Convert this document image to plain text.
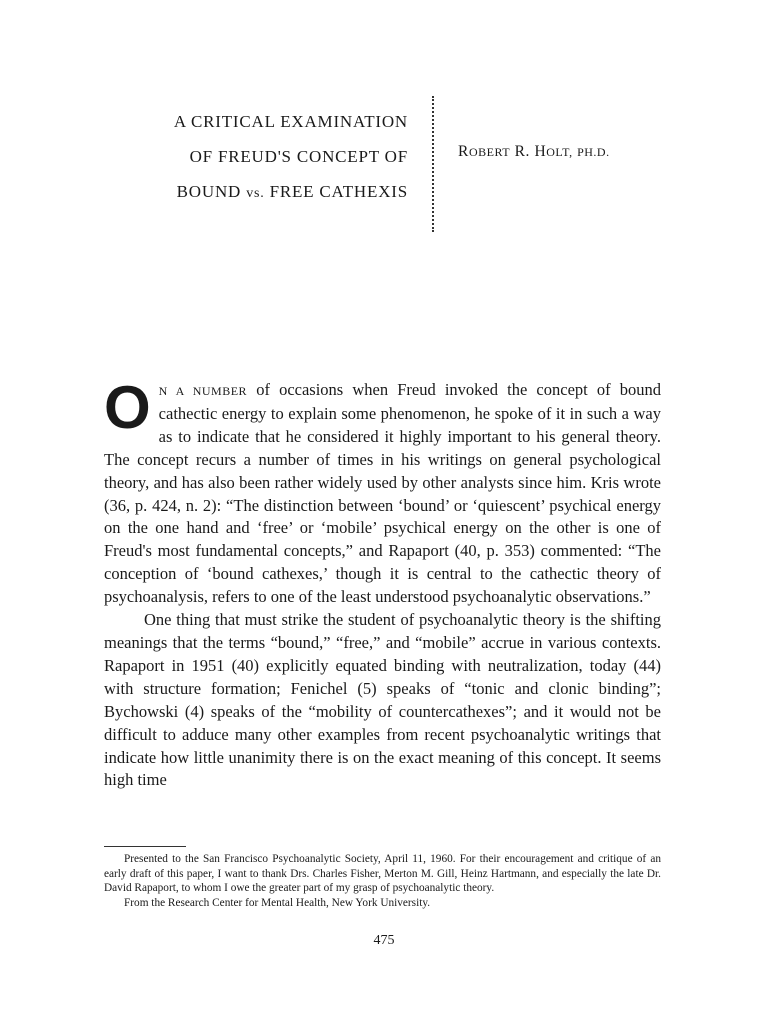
A CRITICAL EXAMINATION
OF FREUD'S CONCEPT OF
BOUND vs. FREE CATHEXIS
ROBERT R. HOLT, PH.D.

O N A NUMBER of occasions when Freud invoked the concept of bound cathectic energy to explain some phenomenon, he spoke of it in such a way as to indicate that he considered it highly important to his general theory. The concept recurs a number of times in his writings on general psychological theory, and has also been rather widely used by other analysts since him. Kris wrote (36, p. 424, n. 2): “The distinction between ‘bound’ or ‘quiescent’ psychical energy on the one hand and ‘free’ or ‘mobile’ psychical energy on the other is one of Freud's most fundamental concepts,” and Rapaport (40, p. 353) commented: “The conception of ‘bound cathexes,’ though it is central to the cathectic theory of psychoanalysis, refers to one of the least understood psychoanalytic observations.”

One thing that must strike the student of psychoanalytic theory is the shifting meanings that the terms “bound,” “free,” and “mobile” accrue in various contexts. Rapaport in 1951 (40) explicitly equated binding with neutralization, today (44) with structure formation; Fenichel (5) speaks of “tonic and clonic binding”; Bychowski (4) speaks of the “mobility of countercathexes”; and it would not be difficult to adduce many other examples from recent psychoanalytic writings that indicate how little unanimity there is on the exact meaning of this concept. It seems high time

Presented to the San Francisco Psychoanalytic Society, April 11, 1960. For their encouragement and critique of an early draft of this paper, I want to thank Drs. Charles Fisher, Merton M. Gill, Heinz Hartmann, and especially the late Dr. David Rapaport, to whom I owe the greater part of my grasp of psychoanalytic theory.

From the Research Center for Mental Health, New York University.

475
